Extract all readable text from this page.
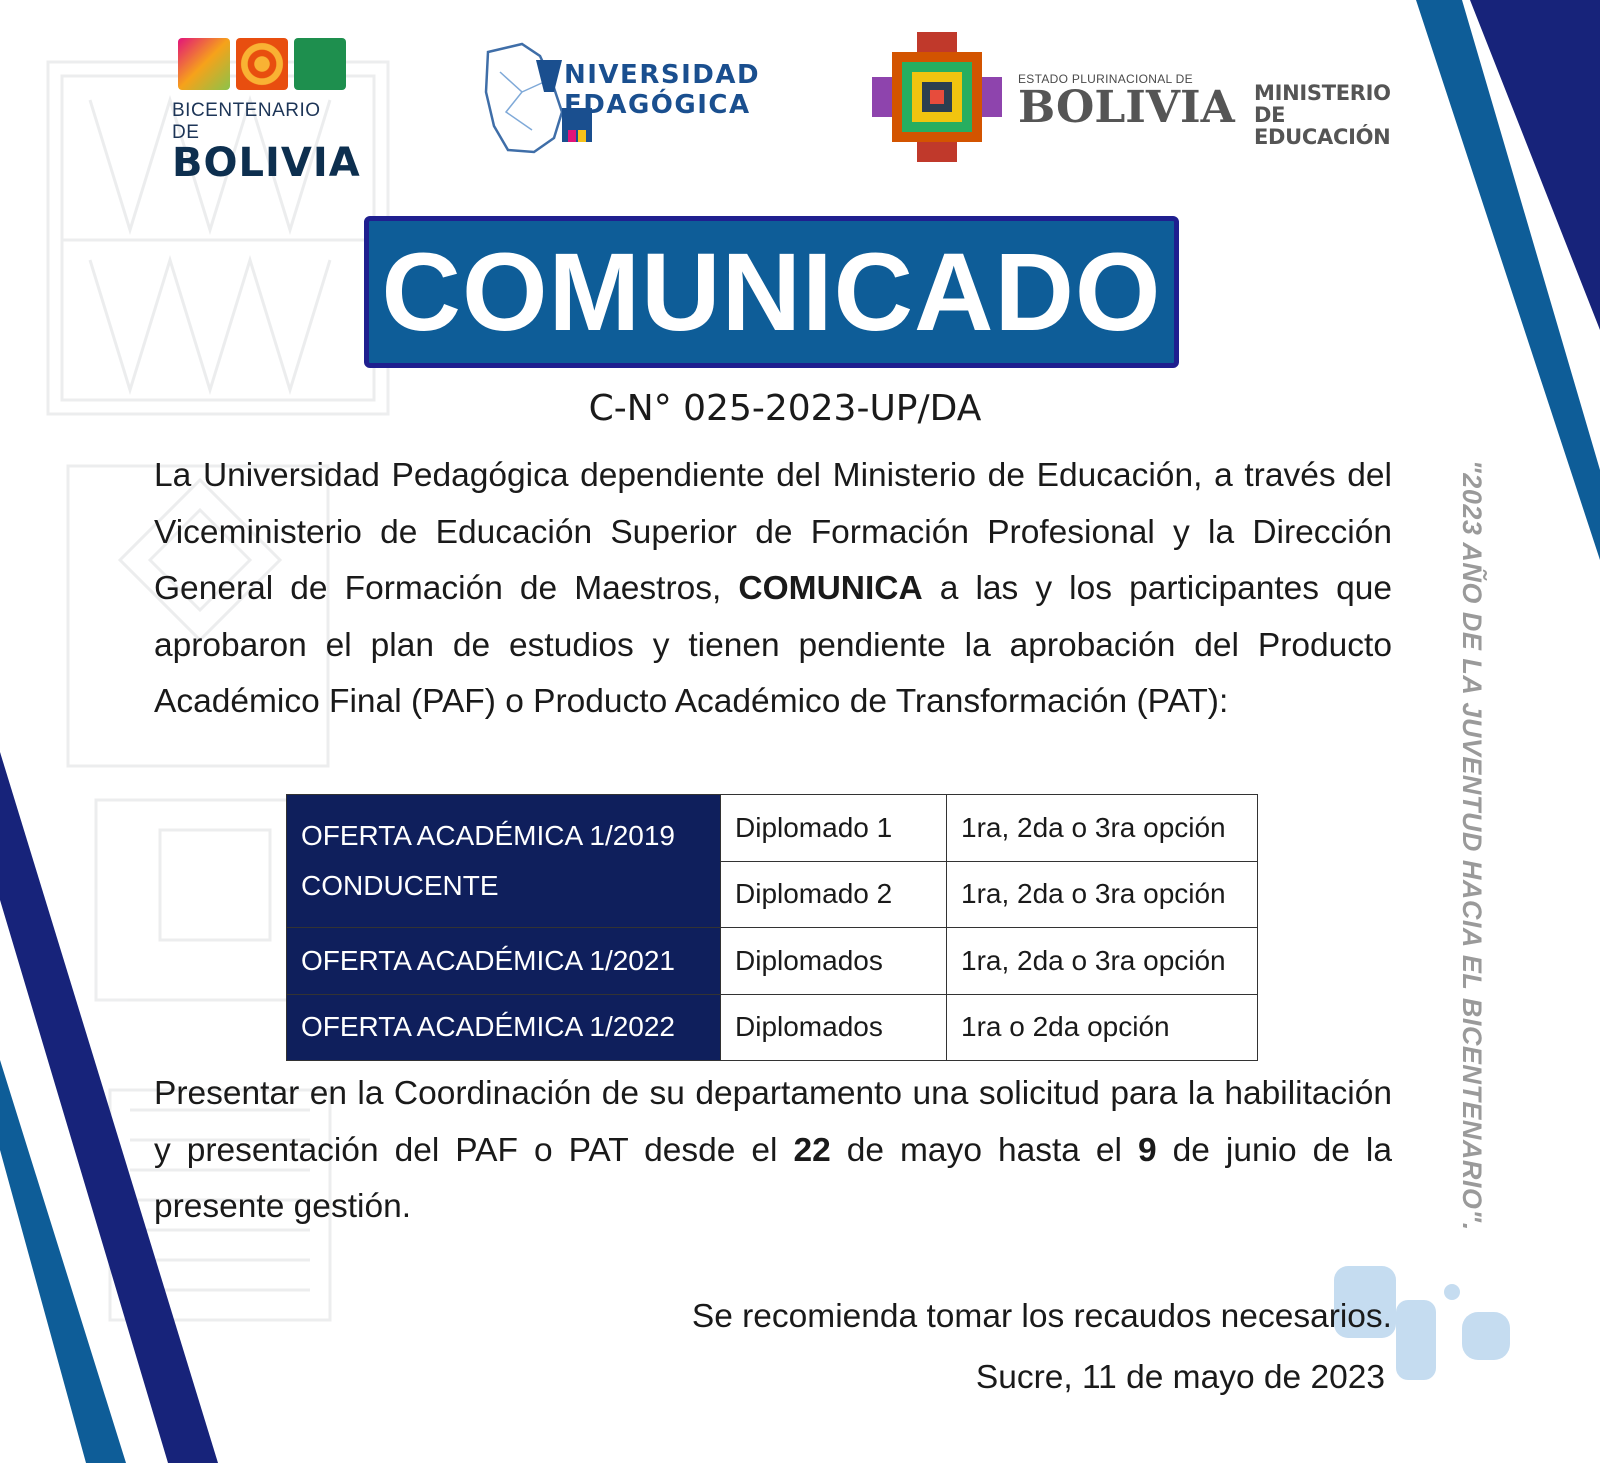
BICENTENARIO DE
BOLIVIA
NIVERSIDAD
EDAGÓGICA
ESTADO PLURINACIONAL DE
BOLIVIA MINISTERIO
DE EDUCACIÓN
COMUNICADO
C-N° 025-2023-UP/DA
La Universidad Pedagógica dependiente del Ministerio de Educación, a través del Viceministerio de Educación Superior de Formación Profesional y la Dirección General de Formación de Maestros, COMUNICA a las y los participantes que aprobaron el plan de estudios y tienen pendiente la aprobación del Producto Académico Final (PAF) o Producto Académico de Transformación (PAT):
OFERTA ACADÉMICA 1/2019
CONDUCENTE	Diplomado 1	1ra, 2da o 3ra opción
	Diplomado 2	1ra, 2da o 3ra opción
OFERTA ACADÉMICA 1/2021	Diplomados	1ra, 2da o 3ra opción
OFERTA ACADÉMICA 1/2022	Diplomados	1ra o 2da opción
Presentar en la Coordinación de su departamento una solicitud para la habilitación y presentación del PAF o PAT desde el 22 de mayo hasta el 9 de junio de la presente gestión.
Se recomienda tomar los recaudos necesarios.
Sucre, 11 de mayo de 2023
"2023 AÑO DE LA JUVENTUD HACIA EL BICENTENARIO".
